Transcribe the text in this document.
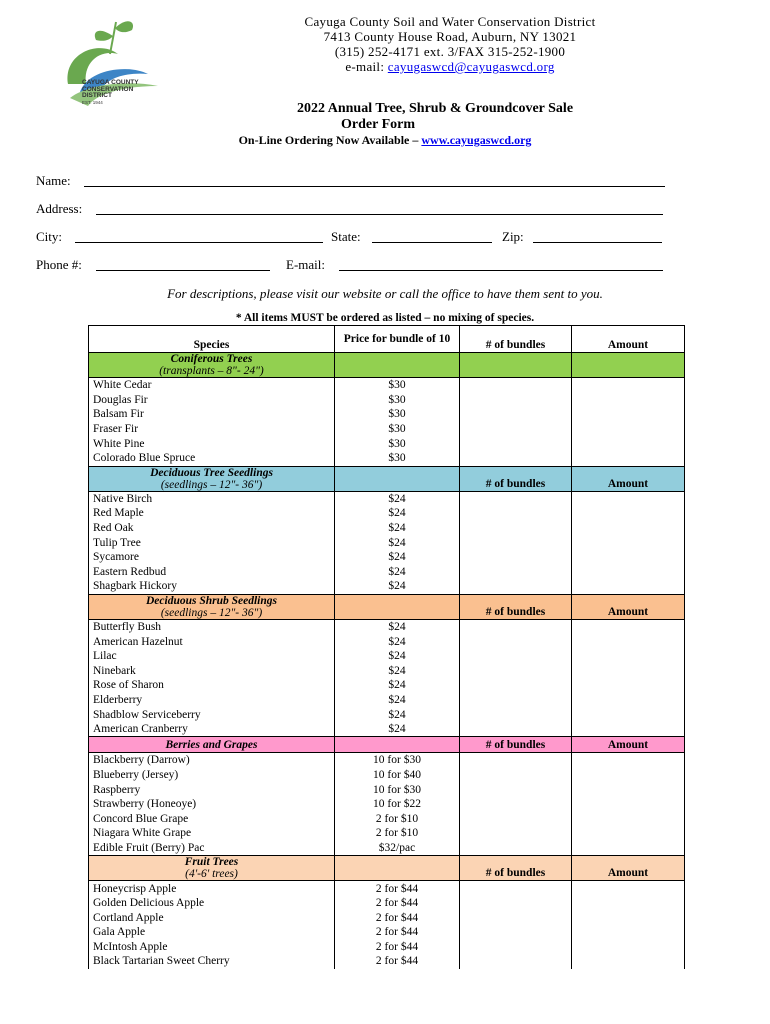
CAYUGA COUNTY
CONSERVATION
DISTRICT
EST. 1944
Cayuga County Soil and Water Conservation District
7413 County House Road, Auburn, NY 13021
(315) 252-4171 ext. 3/FAX 315-252-1900
e-mail: cayugaswcd@cayugaswcd.org
2022 Annual Tree, Shrub & Groundcover Sale
Order Form
On-Line Ordering Now Available – www.cayugaswcd.org
Name:
Address:
City:	State:	Zip:
Phone #:	E-mail:
For descriptions, please visit our website or call the office to have them sent to you.
* All items MUST be ordered as listed – no mixing of species.
Species	Price for bundle of 10	# of bundles	Amount

Coniferous Trees
(transplants – 8"- 24")			

White Cedar	$30		
Douglas Fir	$30		
Balsam Fir	$30		
Fraser Fir	$30		
White Pine	$30		
Colorado Blue Spruce	$30		

Deciduous Tree Seedlings
(seedlings – 12"- 36")		# of bundles	Amount
Native Birch	$24		
Red Maple	$24		
Red Oak	$24		
Tulip Tree	$24		
Sycamore	$24		
Eastern Redbud	$24		
Shagbark Hickory	$24		

Deciduous Shrub Seedlings
(seedlings – 12"- 36")		# of bundles	Amount
Butterfly Bush	$24		
American Hazelnut	$24		
Lilac	$24		
Ninebark	$24		
Rose of Sharon	$24		
Elderberry	$24		
Shadblow Serviceberry	$24		
American Cranberry	$24		

Berries and Grapes		# of bundles	Amount
Blackberry (Darrow)	10 for $30		
Blueberry (Jersey)	10 for $40		
Raspberry	10 for $30		
Strawberry (Honeoye)	10 for $22		
Concord Blue Grape	2 for $10		
Niagara White Grape	2 for $10		
Edible Fruit (Berry) Pac	$32/pac		

Fruit Trees
(4'-6' trees)		# of bundles	Amount
Honeycrisp Apple	2 for $44		
Golden Delicious Apple	2 for $44		
Cortland Apple	2 for $44		
Gala Apple	2 for $44		
McIntosh Apple	2 for $44		
Black Tartarian Sweet Cherry	2 for $44		
